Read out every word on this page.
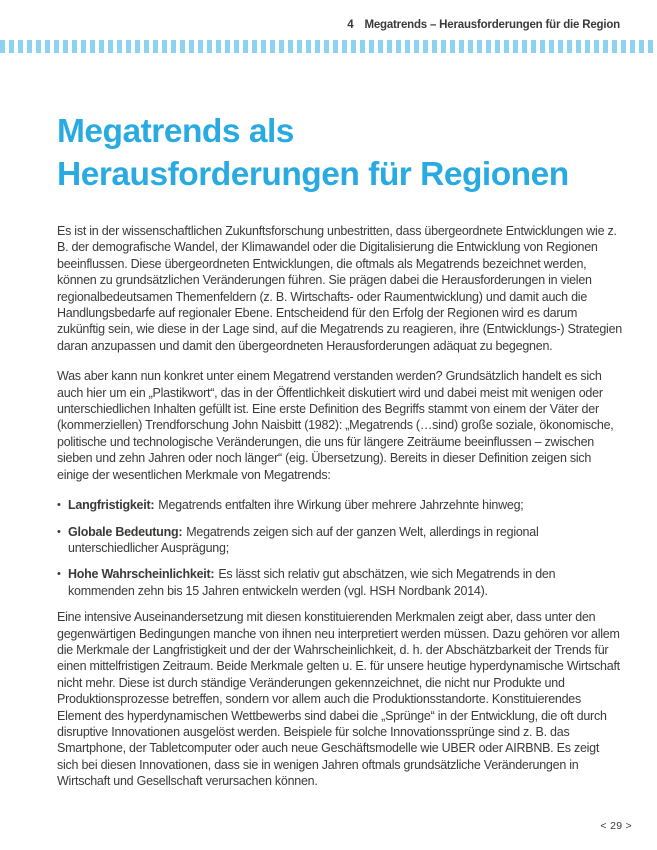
4 Megatrends – Herausforderungen für die Region
Megatrends als
Herausforderungen für Regionen

Es ist in der wissenschaftlichen Zukunftsforschung unbestritten, dass übergeordnete Entwicklungen wie z. B. der demografische Wandel, der Klimawandel oder die Digitalisierung die Entwicklung von Regionen beeinflussen. Diese übergeordneten Entwicklungen, die oftmals als Megatrends bezeichnet werden, können zu grundsätzlichen Veränderungen führen. Sie prägen dabei die Herausforderungen in vielen regionalbedeutsamen Themenfeldern (z. B. Wirtschafts- oder Raumentwicklung) und damit auch die Handlungsbedarfe auf regionaler Ebene. Entscheidend für den Erfolg der Regionen wird es darum zukünftig sein, wie diese in der Lage sind, auf die Megatrends zu reagieren, ihre (Entwicklungs-) Strategien daran anzupassen und damit den übergeordneten Herausforderungen adäquat zu begegnen.

Was aber kann nun konkret unter einem Megatrend verstanden werden? Grundsätzlich handelt es sich auch hier um ein „Plastikwort“, das in der Öffentlichkeit diskutiert wird und dabei meist mit wenigen oder unterschiedlichen Inhalten gefüllt ist. Eine erste Definition des Begriffs stammt von einem der Väter der (kommerziellen) Trendforschung John Naisbitt (1982): „Megatrends (…sind) große soziale, ökonomische, politische und technologische Veränderungen, die uns für längere Zeiträume beeinflussen – zwischen sieben und zehn Jahren oder noch länger“ (eig. Übersetzung). Bereits in dieser Definition zeigen sich einige der wesentlichen Merkmale von Megatrends:

• Langfristigkeit: Megatrends entfalten ihre Wirkung über mehrere Jahrzehnte hinweg;
• Globale Bedeutung: Megatrends zeigen sich auf der ganzen Welt, allerdings in regional unterschiedlicher Ausprägung;
• Hohe Wahrscheinlichkeit: Es lässt sich relativ gut abschätzen, wie sich Megatrends in den kommenden zehn bis 15 Jahren entwickeln werden (vgl. HSH Nordbank 2014).

Eine intensive Auseinandersetzung mit diesen konstituierenden Merkmalen zeigt aber, dass unter den gegenwärtigen Bedingungen manche von ihnen neu interpretiert werden müssen. Dazu gehören vor allem die Merkmale der Langfristigkeit und der der Wahrscheinlichkeit, d. h. der Abschätzbarkeit der Trends für einen mittelfristigen Zeitraum. Beide Merkmale gelten u. E. für unsere heutige hyperdynamische Wirtschaft nicht mehr. Diese ist durch ständige Veränderungen gekennzeichnet, die nicht nur Produkte und Produktionsprozesse betreffen, sondern vor allem auch die Produktionsstandorte. Konstituierendes Element des hyperdynamischen Wettbewerbs sind dabei die „Sprünge“ in der Entwicklung, die oft durch disruptive Innovationen ausgelöst werden. Beispiele für solche Innovationssprünge sind z. B. das Smartphone, der Tabletcomputer oder auch neue Geschäftsmodelle wie UBER oder AIRBNB. Es zeigt sich bei diesen Innovationen, dass sie in wenigen Jahren oftmals grundsätzliche Veränderungen in Wirtschaft und Gesellschaft verursachen können.

< 29 >
